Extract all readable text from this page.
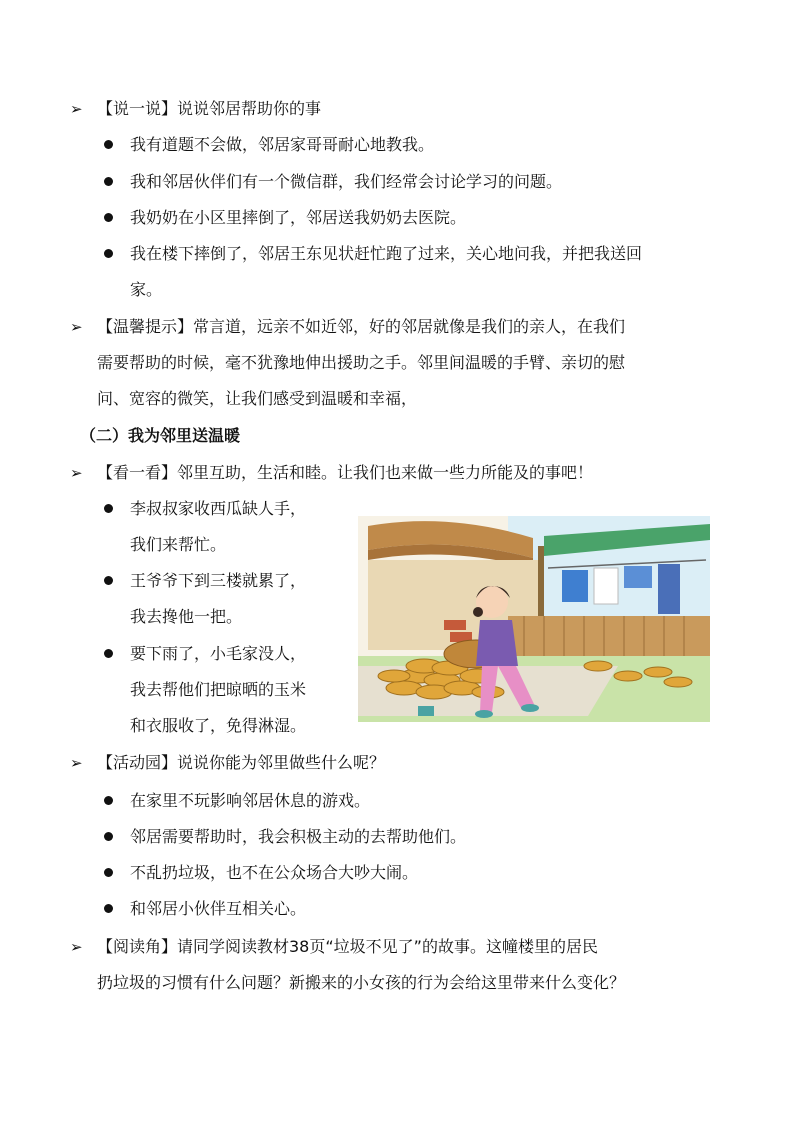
➢ 【说一说】说说邻居帮助你的事
我有道题不会做，邻居家哥哥耐心地教我。
我和邻居伙伴们有一个微信群，我们经常会讨论学习的问题。
我奶奶在小区里摔倒了，邻居送我奶奶去医院。
我在楼下摔倒了，邻居王东见状赶忙跑了过来，关心地问我，并把我送回
家。
➢ 【温馨提示】常言道，远亲不如近邻，好的邻居就像是我们的亲人，在我们
需要帮助的时候，毫不犹豫地伸出援助之手。邻里间温暖的手臂、亲切的慰
问、宽容的微笑，让我们感受到温暖和幸福，
（二）我为邻里送温暖
➢ 【看一看】邻里互助，生活和睦。让我们也来做一些力所能及的事吧！
李叔叔家收西瓜缺人手，
我们来帮忙。
王爷爷下到三楼就累了，
我去搀他一把。
要下雨了，小毛家没人，
我去帮他们把晾晒的玉米
和衣服收了，免得淋湿。
➢ 【活动园】说说你能为邻里做些什么呢？
在家里不玩影响邻居休息的游戏。
邻居需要帮助时，我会积极主动的去帮助他们。
不乱扔垃圾，也不在公众场合大吵大闹。
和邻居小伙伴互相关心。
➢ 【阅读角】请同学阅读教材38页“垃圾不见了”的故事。这幢楼里的居民
扔垃圾的习惯有什么问题？新搬来的小女孩的行为会给这里带来什么变化？
